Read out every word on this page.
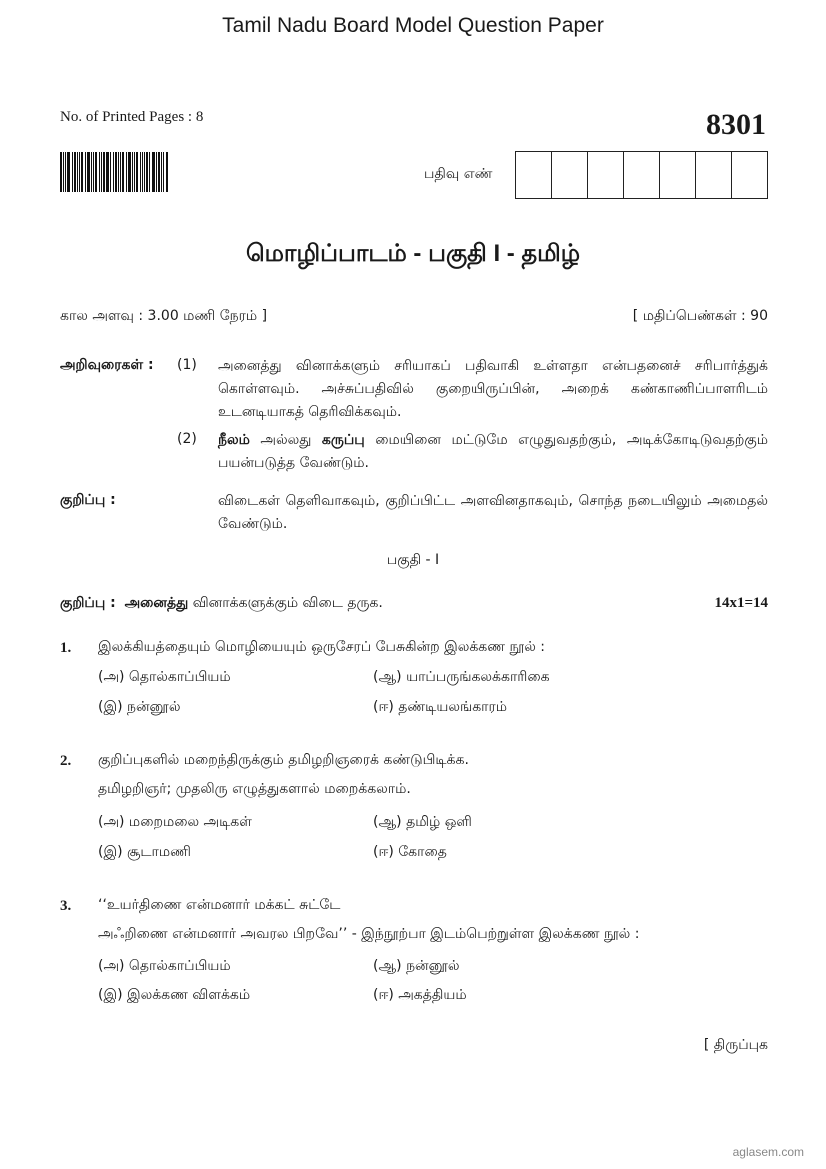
Tamil Nadu Board Model Question Paper
No. of Printed Pages : 8	8301
பதிவு எண்
மொழிப்பாடம் - பகுதி I - தமிழ்
கால அளவு : 3.00 மணி நேரம் ]	[ மதிப்பெண்கள் : 90
அறிவுரைகள் : (1) அனைத்து வினாக்களும் சரியாகப் பதிவாகி உள்ளதா என்பதனைச் சரிபார்த்துக் கொள்ளவும். அச்சுப்பதிவில் குறையிருப்பின், அறைக் கண்காணிப்பாளரிடம் உடனடியாகத் தெரிவிக்கவும்.
(2) நீலம் அல்லது கருப்பு மையினை மட்டுமே எழுதுவதற்கும், அடிக்கோடிடுவதற்கும் பயன்படுத்த வேண்டும்.
குறிப்பு :	விடைகள் தெளிவாகவும், குறிப்பிட்ட அளவினதாகவும், சொந்த நடையிலும் அமைதல் வேண்டும்.
பகுதி - I
குறிப்பு : அனைத்து வினாக்களுக்கும் விடை தருக.	14x1=14
1. இலக்கியத்தையும் மொழியையும் ஒருசேரப் பேசுகின்ற இலக்கண நூல் :
(அ) தொல்காப்பியம்	(ஆ) யாப்பருங்கலக்காரிகை
(இ) நன்னூல்	(ஈ) தண்டியலங்காரம்
2. குறிப்புகளில் மறைந்திருக்கும் தமிழறிஞரைக் கண்டுபிடிக்க.
தமிழறிஞர்; முதலிரு எழுத்துகளால் மறைக்கலாம்.
(அ) மறைமலை அடிகள்	(ஆ) தமிழ் ஒளி
(இ) சூடாமணி	(ஈ) கோதை
3. ‘‘உயர்திணை என்மனார் மக்கட் சுட்டே
அஃறிணை என்மனார் அவரல பிறவே’’ - இந்நூற்பா இடம்பெற்றுள்ள இலக்கண நூல் :
(அ) தொல்காப்பியம்	(ஆ) நன்னூல்
(இ) இலக்கண விளக்கம்	(ஈ) அகத்தியம்
[ திருப்புக
aglasem.com
